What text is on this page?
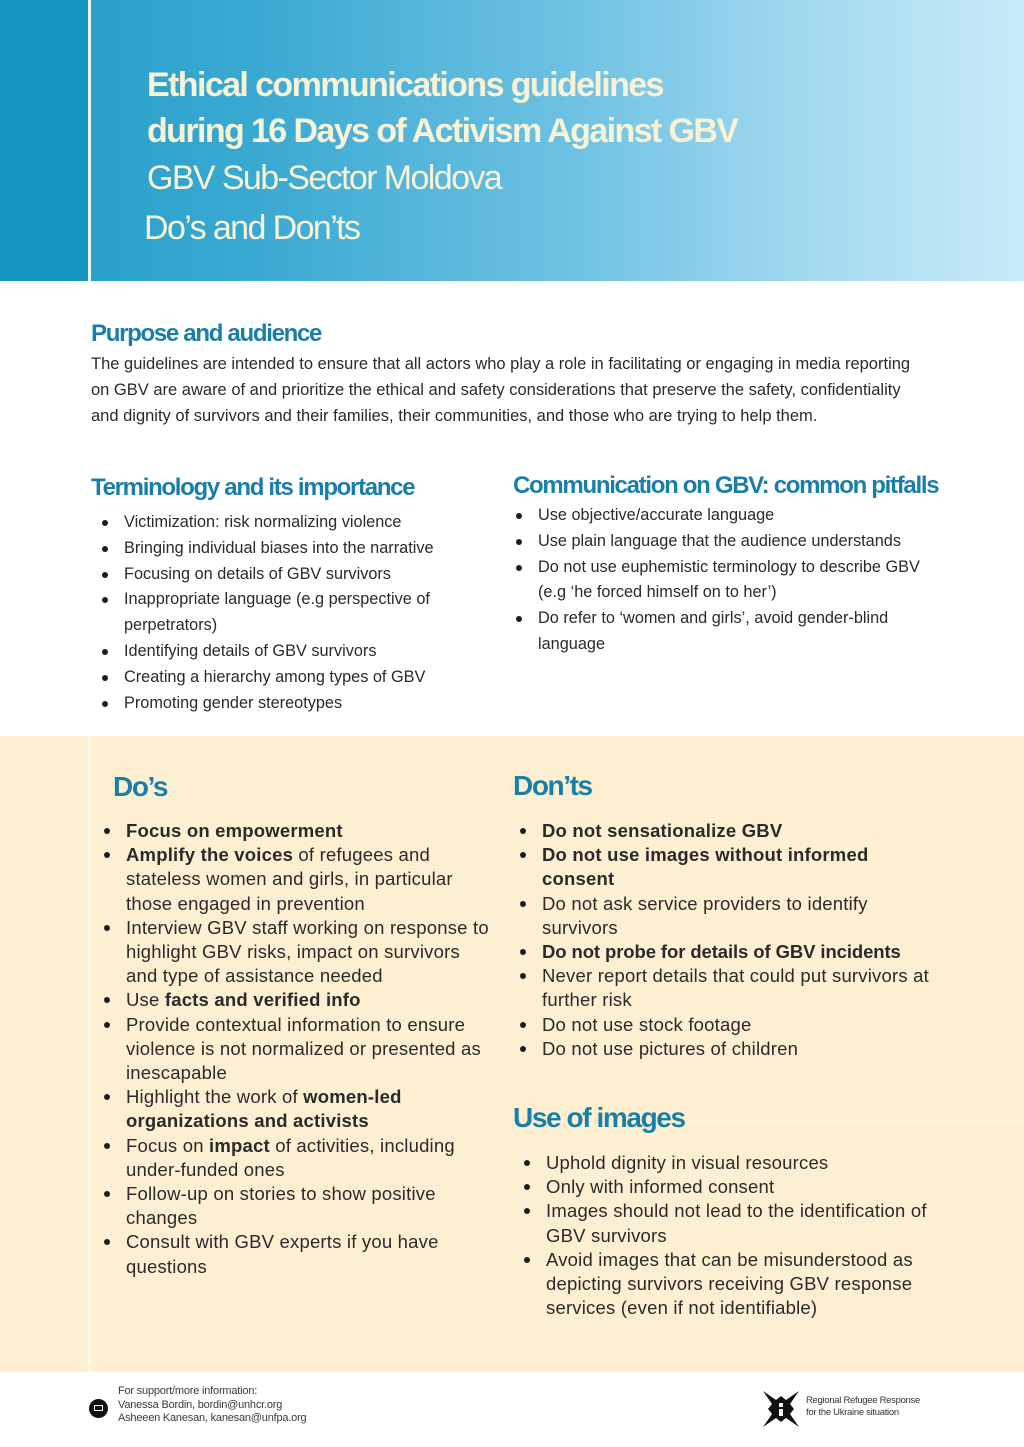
Ethical communications guidelines
during 16 Days of Activism Against GBV
GBV Sub-Sector Moldova
Do’s and Don’ts
Purpose and audience

The guidelines are intended to ensure that all actors who play a role in facilitating or engaging in media reporting on GBV are aware of and prioritize the ethical and safety considerations that preserve the safety, confidentiality and dignity of survivors and their families, their communities, and those who are trying to help them.

Terminology and its importance
Victimization: risk normalizing violence
Bringing individual biases into the narrative
Focusing on details of GBV survivors
Inappropriate language (e.g perspective of perpetrators)
Identifying details of GBV survivors
Creating a hierarchy among types of GBV
Promoting gender stereotypes
Communication on GBV: common pitfalls
Use objective/accurate language
Use plain language that the audience understands
Do not use euphemistic terminology to describe GBV (e.g ‘he forced himself on to her’)
Do refer to ‘women and girls’, avoid gender-blind language
Do’s
Focus on empowerment
Amplify the voices of refugees and stateless women and girls, in particular those engaged in prevention
Interview GBV staff working on response to highlight GBV risks, impact on survivors and type of assistance needed
Use facts and verified info
Provide contextual information to ensure violence is not normalized or presented as inescapable
Highlight the work of women-led organizations and activists
Focus on impact of activities, including under-funded ones
Follow-up on stories to show positive changes
Consult with GBV experts if you have questions
Don’ts
Do not sensationalize GBV
Do not use images without informed consent
Do not ask service providers to identify survivors
Do not probe for details of GBV incidents
Never report details that could put survivors at further risk
Do not use stock footage
Do not use pictures of children
Use of images
Uphold dignity in visual resources
Only with informed consent
Images should not lead to the identification of GBV survivors
Avoid images that can be misunderstood as depicting survivors receiving GBV response services (even if not identifiable)
For support/more information:
Vanessa Bordin, bordin@unhcr.org
Asheeen Kanesan, kanesan@unfpa.org
Regional Refugee Response
for the Ukraine situation
